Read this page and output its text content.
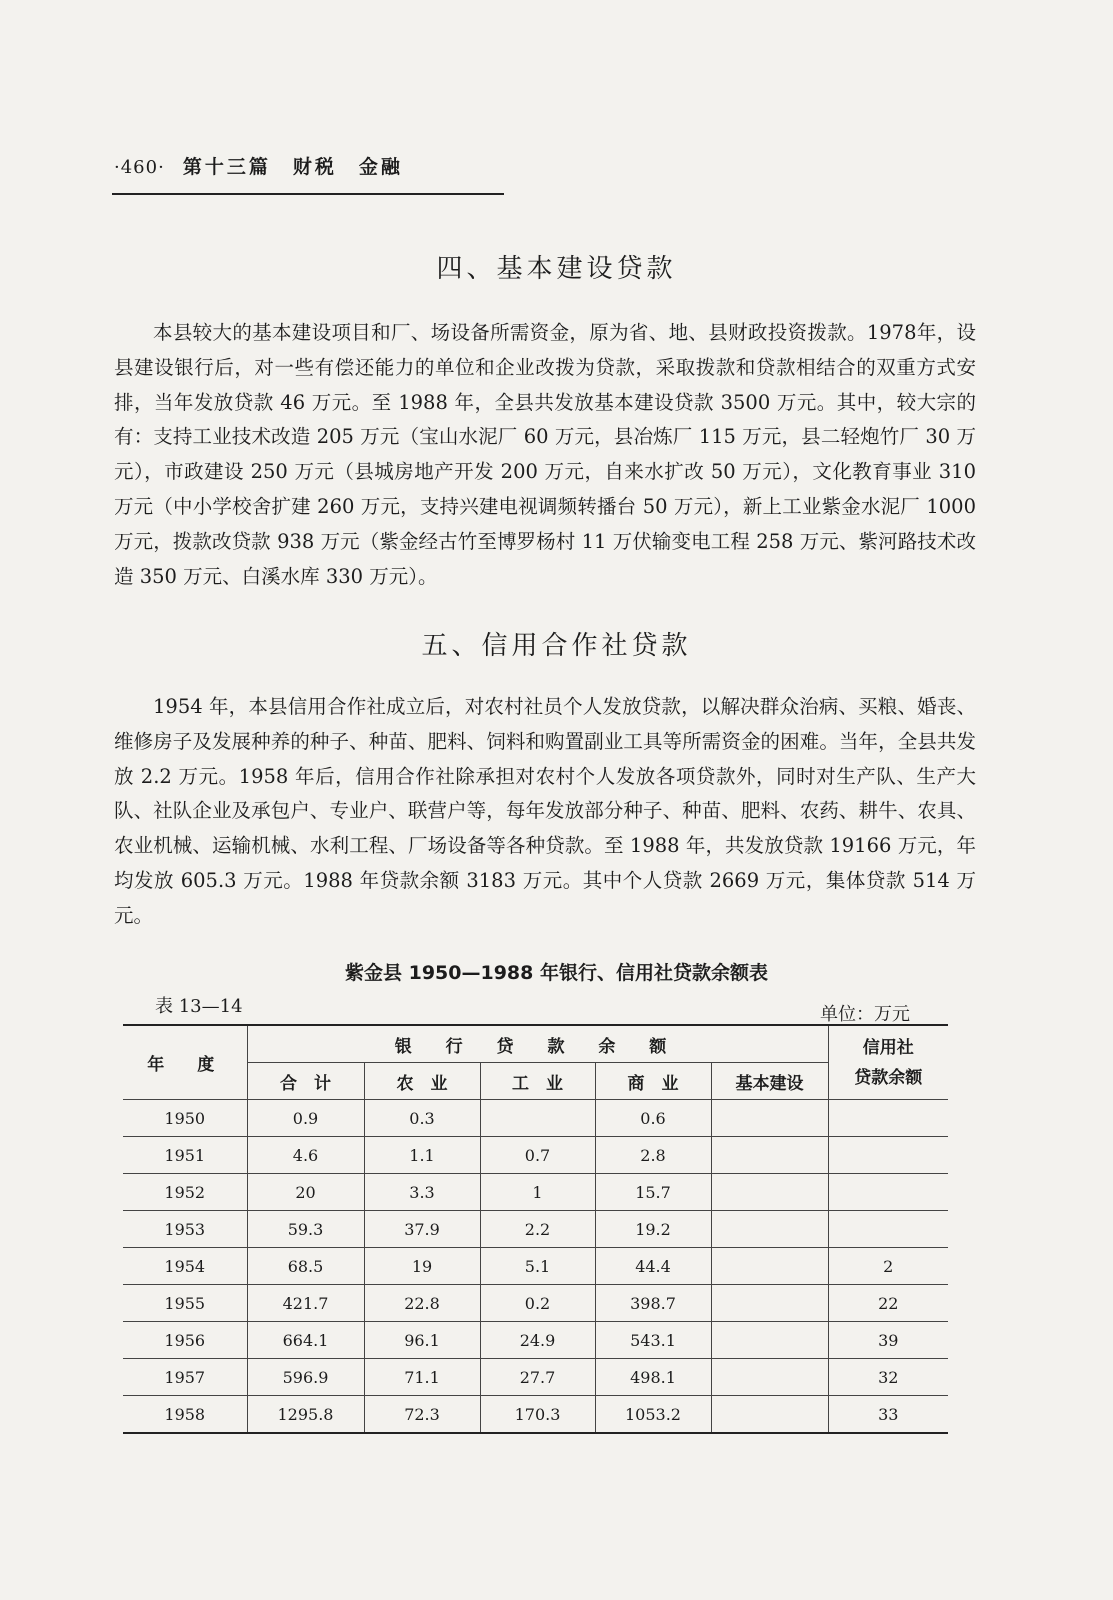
·460· 第十三篇　财税　金融
四、基本建设贷款
本县较大的基本建设项目和厂、场设备所需资金，原为省、地、县财政投资拨款。1978年，设县建设银行后，对一些有偿还能力的单位和企业改拨为贷款，采取拨款和贷款相结合的双重方式安排，当年发放贷款 46 万元。至 1988 年，全县共发放基本建设贷款 3500 万元。其中，较大宗的有：支持工业技术改造 205 万元（宝山水泥厂 60 万元，县冶炼厂 115 万元，县二轻炮竹厂 30 万元），市政建设 250 万元（县城房地产开发 200 万元，自来水扩改 50 万元），文化教育事业 310 万元（中小学校舍扩建 260 万元，支持兴建电视调频转播台 50 万元），新上工业紫金水泥厂 1000 万元，拨款改贷款 938 万元（紫金经古竹至博罗杨村 11 万伏输变电工程 258 万元、紫河路技术改造 350 万元、白溪水库 330 万元）。
五、信用合作社贷款
1954 年，本县信用合作社成立后，对农村社员个人发放贷款，以解决群众治病、买粮、婚丧、维修房子及发展种养的种子、种苗、肥料、饲料和购置副业工具等所需资金的困难。当年，全县共发放 2.2 万元。1958 年后，信用合作社除承担对农村个人发放各项贷款外，同时对生产队、生产大队、社队企业及承包户、专业户、联营户等，每年发放部分种子、种苗、肥料、农药、耕牛、农具、农业机械、运输机械、水利工程、厂场设备等各种贷款。至 1988 年，共发放贷款 19166 万元，年均发放 605.3 万元。1988 年贷款余额 3183 万元。其中个人贷款 2669 万元，集体贷款 514 万元。
紫金县 1950—1988 年银行、信用社贷款余额表
表 13—14	单位：万元
年　度	银 行 贷 款 余 额					信用社
贷款余额
	合　计	农　业	工　业	商　业	基本建设	
1950	0.9	0.3		0.6		
1951	4.6	1.1	0.7	2.8		
1952	20	3.3	1	15.7		
1953	59.3	37.9	2.2	19.2		
1954	68.5	19	5.1	44.4		2
1955	421.7	22.8	0.2	398.7		22
1956	664.1	96.1	24.9	543.1		39
1957	596.9	71.1	27.7	498.1		32
1958	1295.8	72.3	170.3	1053.2		33
